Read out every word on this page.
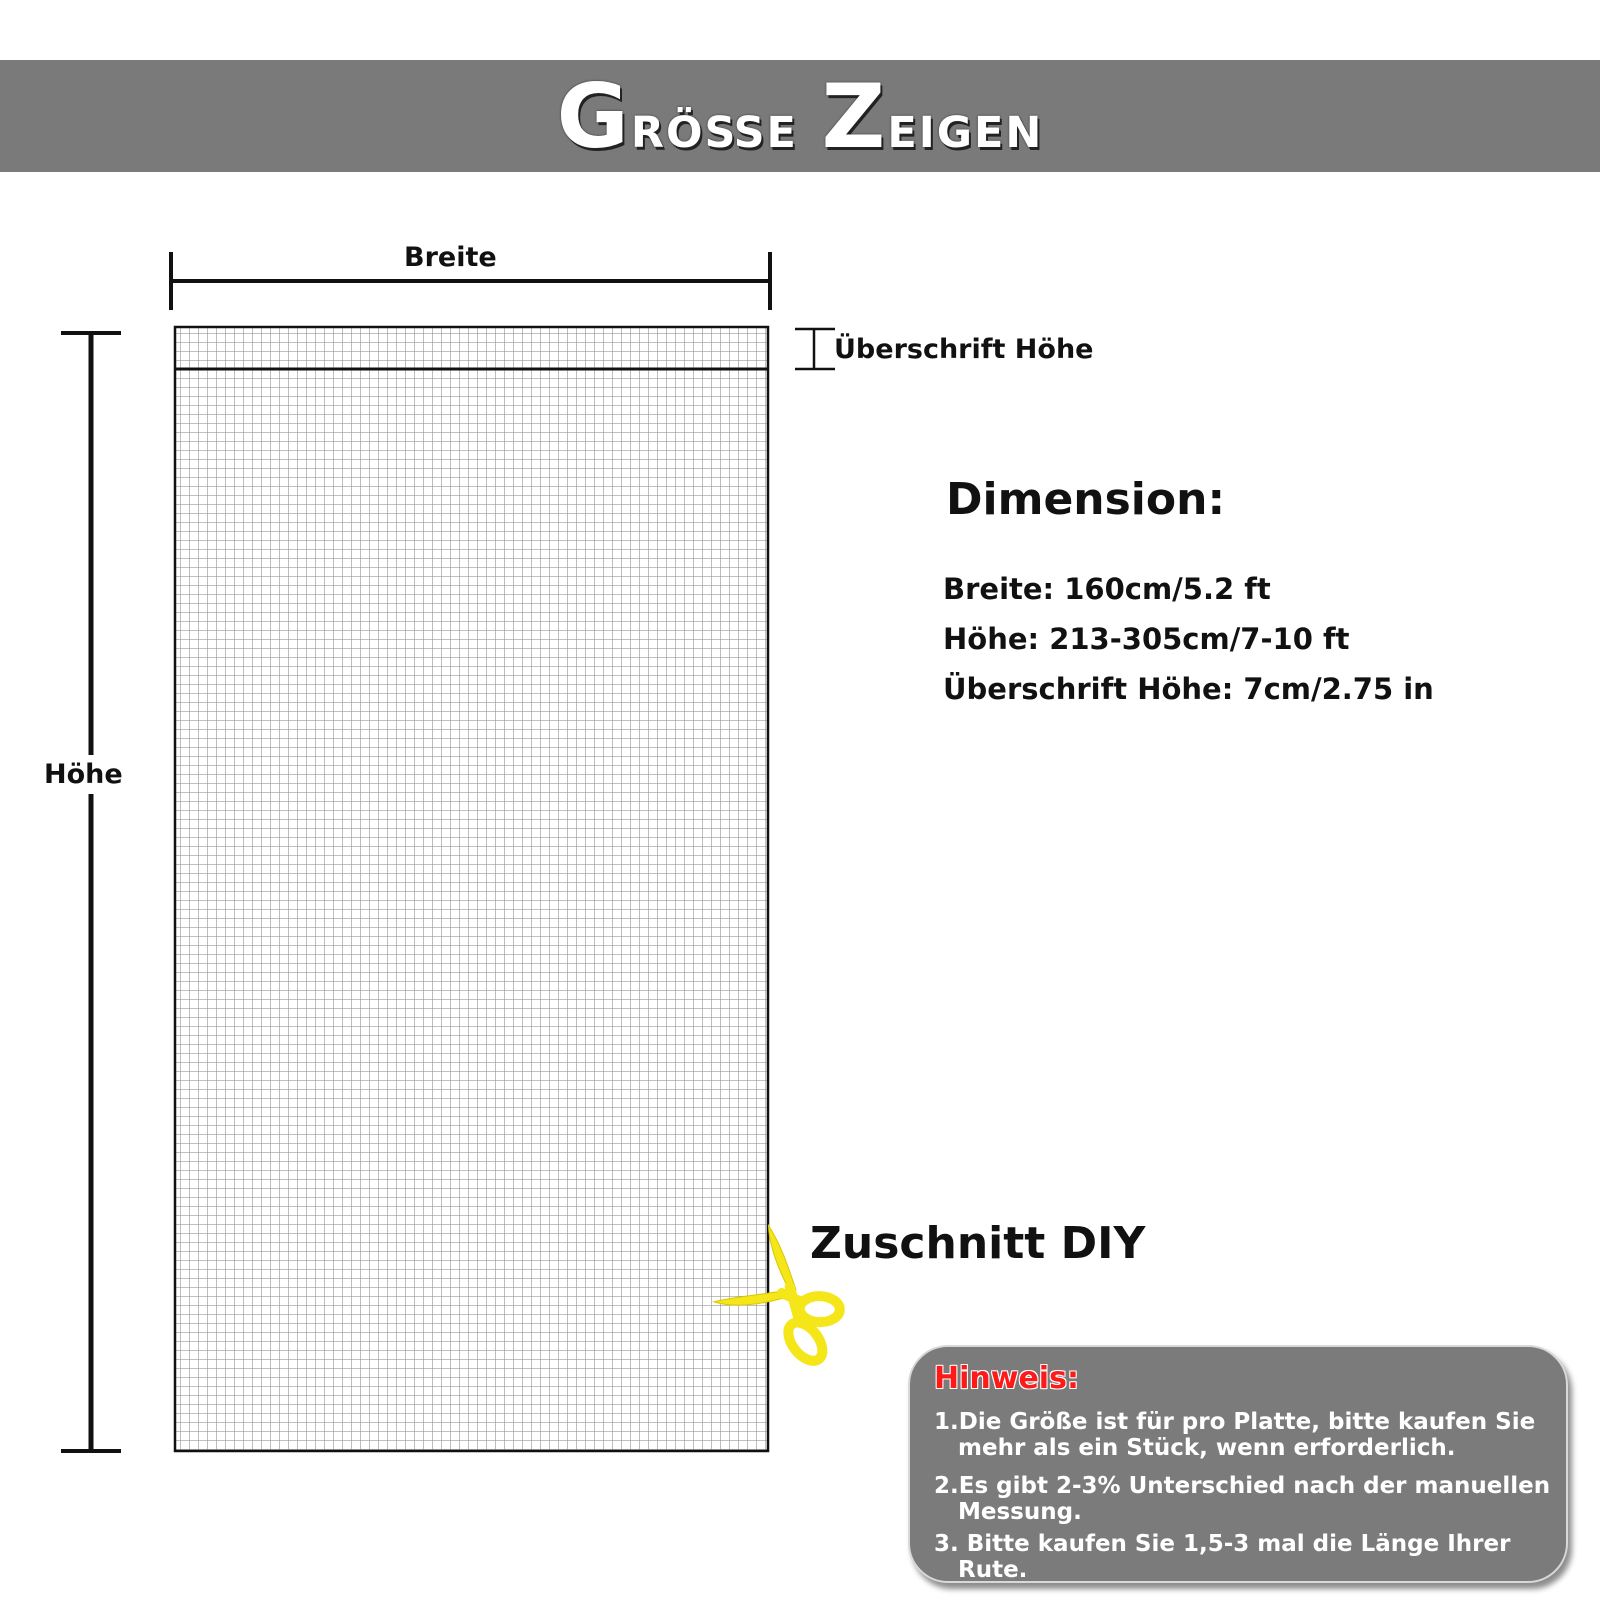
Größe Zeigen
Breite
Höhe
Überschrift Höhe
Dimension:
Breite: 160cm/5.2 ft
Höhe: 213-305cm/7-10 ft
Überschrift Höhe: 7cm/2.75 in
Zuschnitt DIY
Hinweis:
1.Die Größe ist für pro Platte, bitte kaufen Sie mehr als ein Stück, wenn erforderlich.
2.Es gibt 2-3% Unterschied nach der manuellen Messung.
3. Bitte kaufen Sie 1,5-3 mal die Länge Ihrer Rute.
